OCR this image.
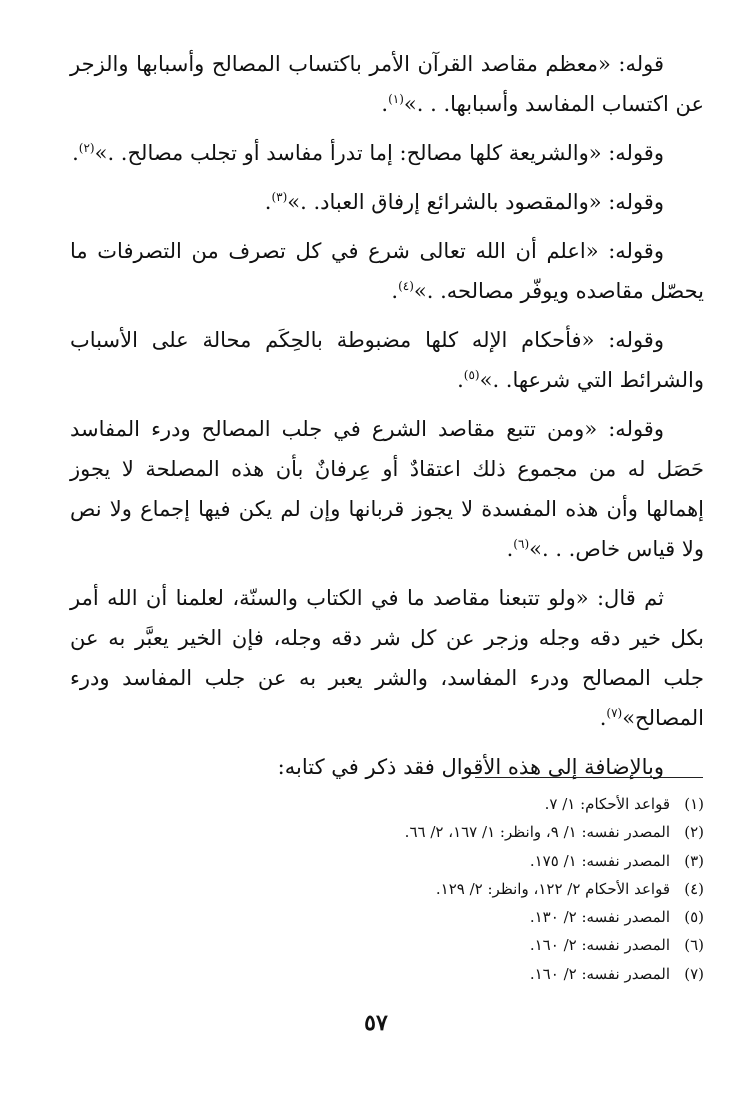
قوله: «معظم مقاصد القرآن الأمر باكتساب المصالح وأسبابها والزجر عن اكتساب المفاسد وأسبابها. . .»$^{(١)}$.

وقوله: «والشريعة كلها مصالح: إما تدرأ مفاسد أو تجلب مصالح. .»$^{(٢)}$.

وقوله: «والمقصود بالشرائع إرفاق العباد. .»$^{(٣)}$.

وقوله: «اعلم أن الله تعالى شرع في كل تصرف من التصرفات ما يحصّل مقاصده ويوفّر مصالحه. .»$^{(٤)}$.

وقوله: «فأحكام الإله كلها مضبوطة بالحِكَم محالة على الأسباب والشرائط التي شرعها. .»$^{(٥)}$.

وقوله: «ومن تتبع مقاصد الشرع في جلب المصالح ودرء المفاسد حَصَل له من مجموع ذلك اعتقادٌ أو عِرفانٌ بأن هذه المصلحة لا يجوز إهمالها وأن هذه المفسدة لا يجوز قربانها وإن لم يكن فيها إجماع ولا نص ولا قياس خاص. . .»$^{(٦)}$.

ثم قال: «ولو تتبعنا مقاصد ما في الكتاب والسنّة، لعلمنا أن الله أمر بكل خير دقه وجله وزجر عن كل شر دقه وجله، فإن الخير يعبَّر به عن جلب المصالح ودرء المفاسد، والشر يعبر به عن جلب المفاسد ودرء المصالح»$^{(٧)}$.

وبالإضافة إلى هذه الأقوال فقد ذكر في كتابه:

(١)قواعد الأحكام: ١/ ٧.
(٢)المصدر نفسه: ١/ ٩، وانظر: ١/ ١٦٧، ٢/ ٦٦.
(٣)المصدر نفسه: ١/ ١٧٥.
(٤)قواعد الأحكام ٢/ ١٢٢، وانظر: ٢/ ١٢٩.
(٥)المصدر نفسه: ٢/ ١٣٠.
(٦)المصدر نفسه: ٢/ ١٦٠.
(٧)المصدر نفسه: ٢/ ١٦٠.
٥٧
